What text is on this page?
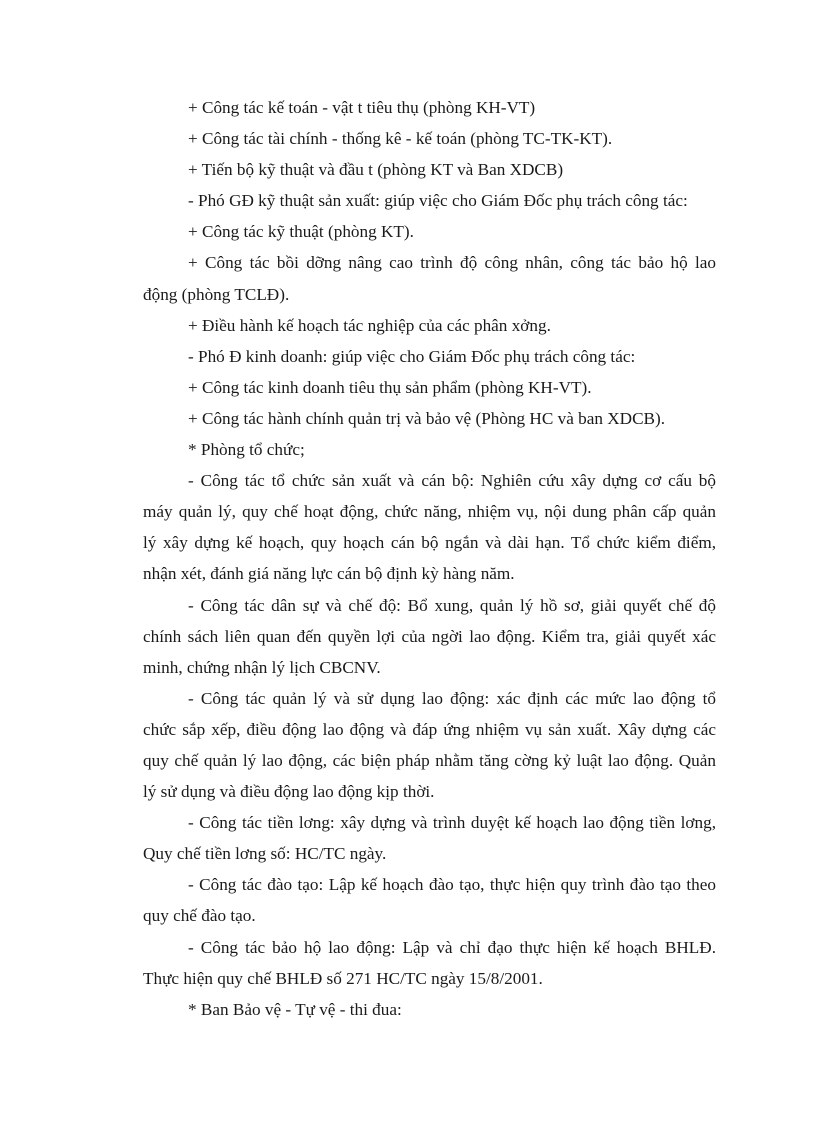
+ Công tác kế toán - vật t tiêu thụ (phòng KH-VT)
+ Công tác tài chính - thống kê - kế toán (phòng TC-TK-KT).
+ Tiến bộ kỹ thuật và đầu t (phòng KT và Ban XDCB)
- Phó GĐ kỹ thuật sản xuất: giúp việc cho Giám Đốc phụ trách công tác:
+ Công tác kỹ thuật (phòng KT).
+ Công tác bồi dỡng nâng cao trình độ công nhân, công tác bảo hộ lao
động (phòng TCLĐ).
+ Điều hành kế hoạch tác nghiệp của các phân xởng.
- Phó Đ kinh doanh: giúp việc cho Giám Đốc phụ trách công tác:
+ Công tác kinh doanh tiêu thụ sản phẩm (phòng KH-VT).
+ Công tác hành chính quản trị và bảo vệ (Phòng HC và ban XDCB).
* Phòng tổ chức;
- Công tác tổ chức sản xuất và cán bộ: Nghiên cứu xây dựng cơ cấu bộ
máy quản lý, quy chế hoạt động, chức năng, nhiệm vụ, nội dung phân cấp quản
lý xây dựng kế hoạch, quy hoạch cán bộ ngắn và dài hạn. Tổ chức kiểm điểm,
nhận xét, đánh giá năng lực cán bộ định kỳ hàng năm.
- Công tác dân sự và chế độ: Bổ xung, quản lý hồ sơ, giải quyết chế độ
chính sách liên quan đến quyền lợi của ngời lao động. Kiểm tra, giải quyết xác
minh, chứng nhận lý lịch CBCNV.
- Công tác quản lý và sử dụng lao động: xác định các mức lao động tổ
chức sắp xếp, điều động lao động và đáp ứng nhiệm vụ sản xuất. Xây dựng các
quy chế quản lý lao động, các biện pháp nhằm tăng cờng kỷ luật lao động. Quản
lý sử dụng và điều động lao động kịp thời.
- Công tác tiền lơng: xây dựng và trình duyệt kế hoạch lao động tiền lơng,
Quy chế tiền lơng số: HC/TC ngày.
- Công tác đào tạo: Lập kế hoạch đào tạo, thực hiện quy trình đào tạo theo
quy chế đào tạo.
- Công tác bảo hộ lao động: Lập và chỉ đạo thực hiện kế hoạch BHLĐ.
Thực hiện quy chế BHLĐ số 271 HC/TC ngày 15/8/2001.
* Ban Bảo vệ - Tự vệ - thi đua:
